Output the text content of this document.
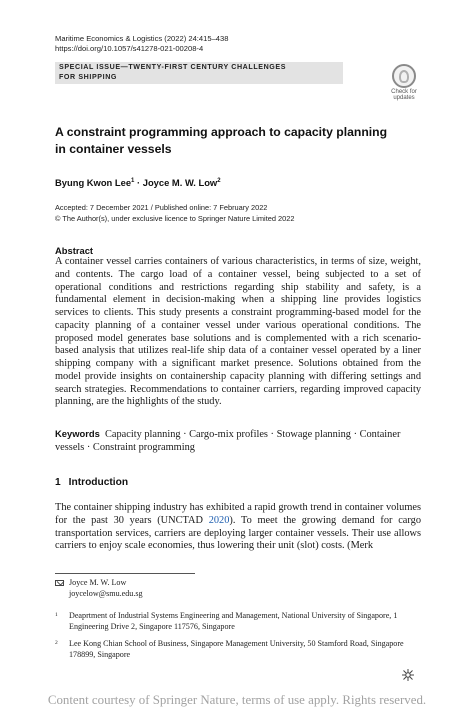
Maritime Economics & Logistics (2022) 24:415–438
https://doi.org/10.1057/s41278-021-00208-4
SPECIAL ISSUE—TWENTY-FIRST CENTURY CHALLENGES
FOR SHIPPING
Check for
updates
A constraint programming approach to capacity planning
in container vessels
Byung Kwon Lee$^1$ · Joyce M. W. Low$^2$
Accepted: 7 December 2021 / Published online: 7 February 2022
© The Author(s), under exclusive licence to Springer Nature Limited 2022
Abstract
A container vessel carries containers of various characteristics, in terms of size, weight, and contents. The cargo load of a container vessel, being subjected to a set of operational conditions and restrictions regarding ship stability and safety, is a fundamental element in decision-making when a shipping line provides logistics services to clients. This study presents a constraint programming-based model for the capacity planning of a container vessel under various operational conditions. The proposed model generates base solutions and is complemented with a rich scenario-based analysis that utilizes real-life ship data of a container vessel operated by a liner shipping company with a significant market presence. Solutions obtained from the model provide insights on containership capacity planning with differing settings and search strategies. Recommendations to container carriers, regarding improved capacity planning, are the highlights of the study.
Keywords Capacity planning · Cargo-mix profiles · Stowage planning · Container vessels · Constraint programming
1 Introduction
The container shipping industry has exhibited a rapid growth trend in container volumes for the past 30 years (UNCTAD 2020). To meet the growing demand for cargo transportation services, carriers are deploying larger container vessels. Their use allows carriers to enjoy scale economies, thus lowering their unit (slot) costs. (Merk
Joyce M. W. Low
joycelow@smu.edu.sg
1 Deaprtment of Industrial Systems Engineering and Management, National University of Singapore, 1 Engineering Drive 2, Singapore 117576, Singapore
2 Lee Kong Chian School of Business, Singapore Management University, 50 Stamford Road, Singapore 178899, Singapore
Content courtesy of Springer Nature, terms of use apply. Rights reserved.
